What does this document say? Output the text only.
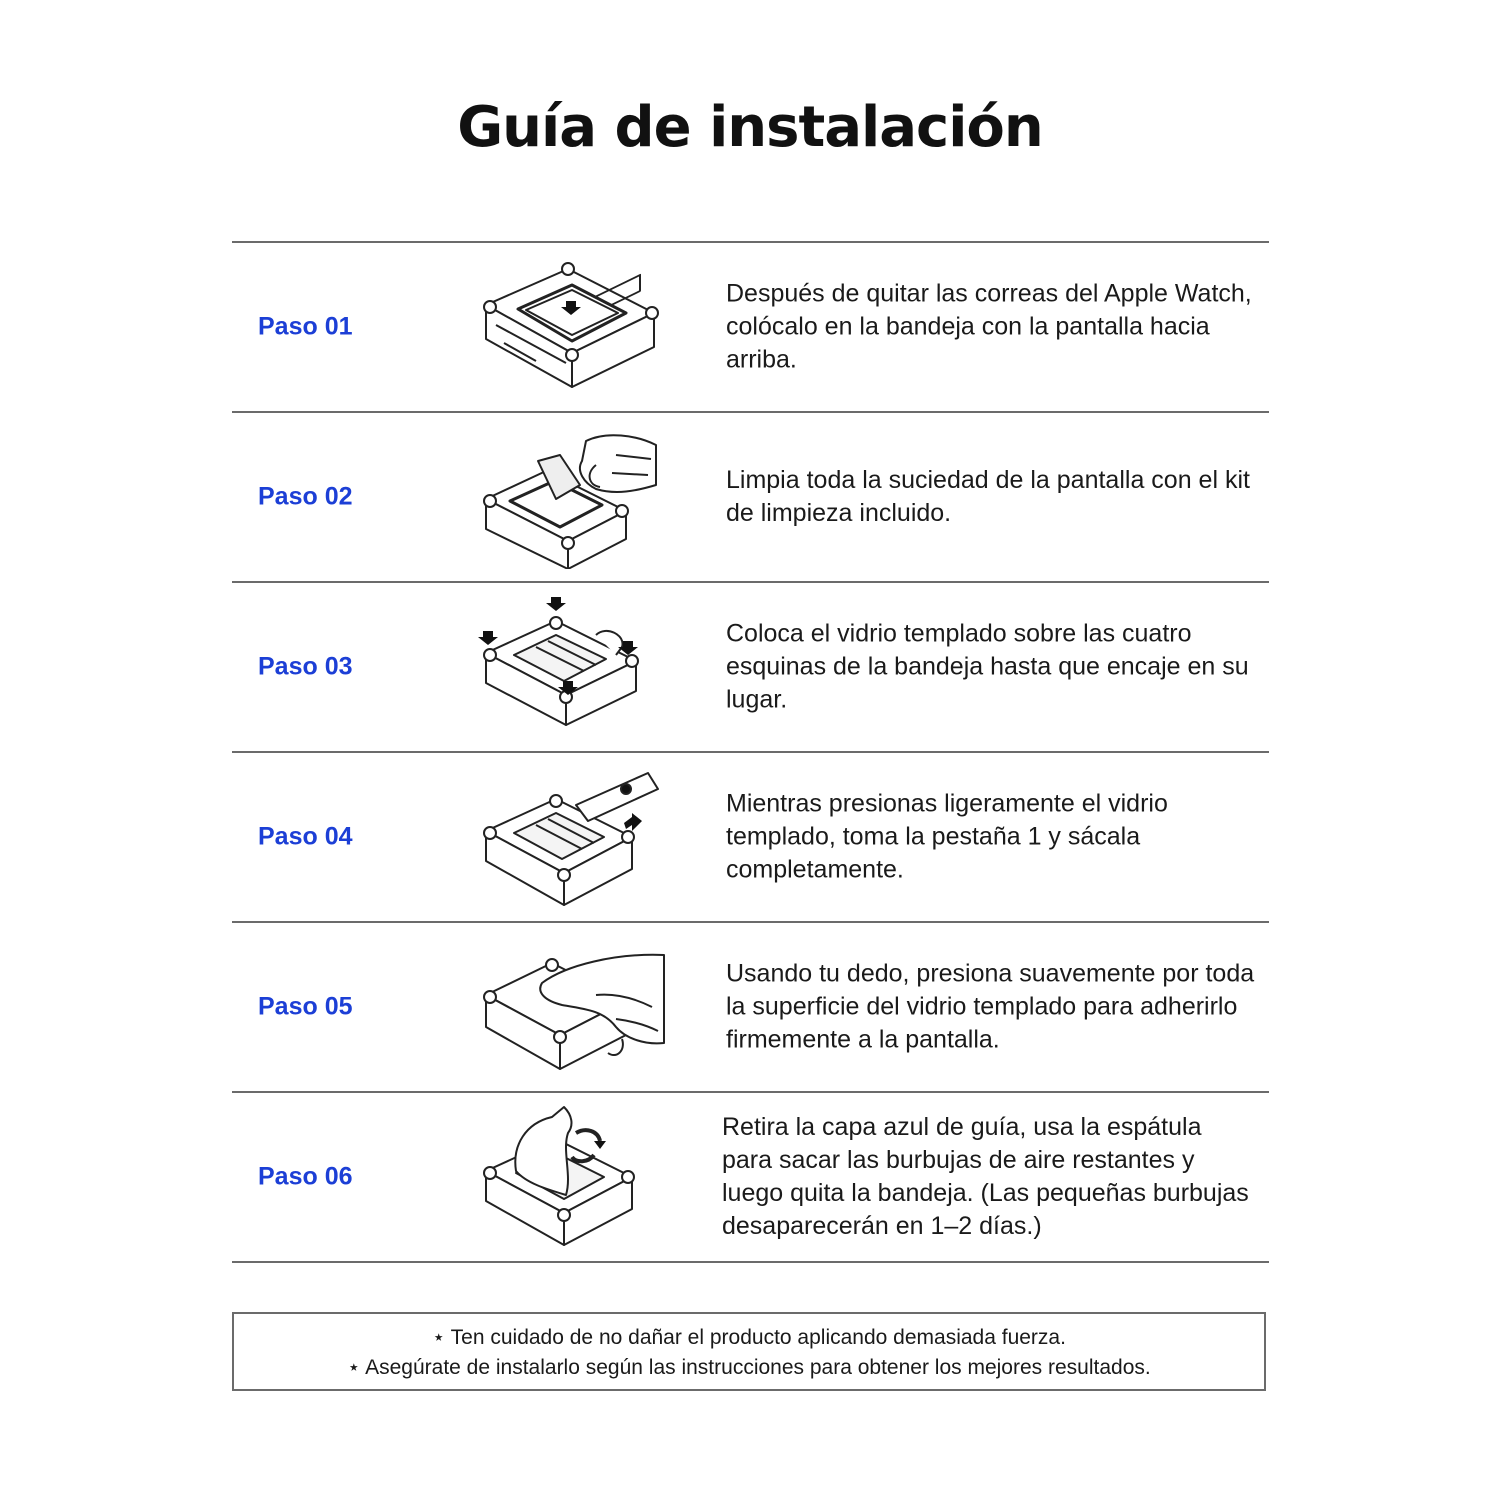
Guía de instalación
Paso 01
Después de quitar las correas del Apple Watch, colócalo en la bandeja con la pantalla hacia arriba.
Paso 02
Limpia toda la suciedad de la pantalla con el kit de limpieza incluido.
Paso 03
Coloca el vidrio templado sobre las cuatro esquinas de la bandeja hasta que encaje en su lugar.
Paso 04
Mientras presionas ligeramente el vidrio templado, toma la pestaña 1 y sácala completamente.
Paso 05
Usando tu dedo, presiona suavemente por toda la superficie del vidrio templado para adherirlo firmemente a la pantalla.
Paso 06
Retira la capa azul de guía, usa la espátula para sacar las burbujas de aire restantes y luego quita la bandeja. (Las pequeñas burbujas desaparecerán en 1–2 días.)
⋆ Ten cuidado de no dañar el producto aplicando demasiada fuerza.
⋆ Asegúrate de instalarlo según las instrucciones para obtener los mejores resultados.
